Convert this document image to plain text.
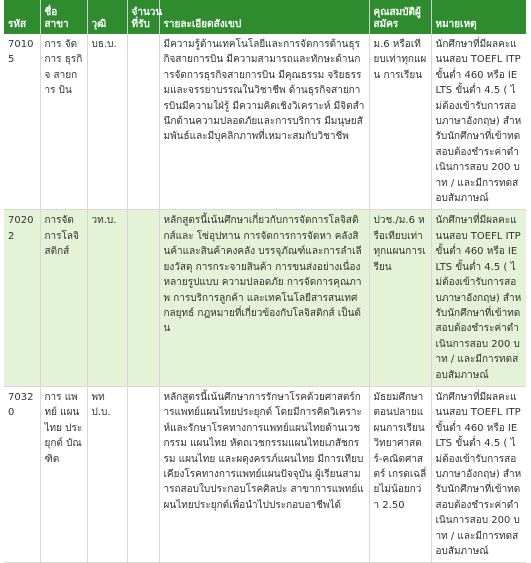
รหัส	ชื่อ สาขา	วุฒิ	จำนวน ที่รับ	รายละเอียดสังเขป	คุณสมบัติผู้ สมัคร	หมายเหตุ
70105	การ จัดการ ธุรกิจ สายการ บิน	บธ.บ.		มีความรู้ด้านเทคโนโลยีและการจัดการด้านธุรกิจสายการบิน มีความสามารถและทักษะด้านการจัดการธุรกิจสายการบิน มีคุณธรรม จริยธรรมและจรรยาบรรณในวิชาชีพ ด้านธุรกิจสายการบินมีความใฝ่รู้ มีความคิดเชิงวิเคราะห์ มีจิตสำนึกด้านความปลอดภัยและการบริการ มีมนุษยสัมพันธ์และมีบุคลิกภาพที่เหมาะสมกับวิชาชีพ	ม.6 หรือเทียบเท่าทุกแผน การเรียน	นักศึกษาที่มีผลคะแนนสอบ TOEFL ITP ขั้นต่ำ 460 หรือ IELTS ขั้นต่ำ 4.5 ( ไม่ต้องเข้ารับการสอบภาษาอังกฤษ) สำหรับนักศึกษาที่เข้าทดสอบต้องชำระค่าดำเนินการสอบ 200 บาท / และมีการทดสอบสัมภาษณ์
70202	การจัด การโลจิ สติกส์	วท.บ.		หลักสูตรนี้เน้นศึกษาเกี่ยวกับการจัดการโลจิสติกส์และ โซ่อุปทาน การจัดการการจัดหา คลังสินค้าและสินค้าคงคลัง บรรจุภัณฑ์และการลำเลียงวัสดุ การกระจายสินค้า การขนส่งอย่างเนื่องหลายรูปแบบ ความปลอดภัย การจัดการคุณภาพ การบริการลูกค้า และเทคโนโลยีสารสนเทศ กลยุทธ์ กฎหมายที่เกี่ยวข้องกับโลจิสติกส์ เป็นต้น	ปวช./ม.6 หรือเทียบเท่าทุกแผนการเรียน	นักศึกษาที่มีผลคะแนนสอบ TOEFL ITP ขั้นต่ำ 460 หรือ IELTS ขั้นต่ำ 4.5 ( ไม่ต้องเข้ารับการสอบภาษาอังกฤษ) สำหรับนักศึกษาที่เข้าทดสอบต้องชำระค่าดำเนินการสอบ 200 บาท / และมีการทดสอบสัมภาษณ์
70320	การ แพทย์ แผน ไทย ประยุกต์ บัณฑิต	พทป.บ.		หลักสูตรนี้เน้นศึกษาการรักษาโรคด้วยศาสตร์การแพทย์แผนไทยประยุกต์ โดยมีการคิดวิเคราะห์และรักษาโรคทางการแพทย์แผนไทยด้านเวชกรรม แผนไทย หัตถเวชกรรมแผนไทยเภสัชกรรม แผนไทย และผดุงครรภ์แผนไทย มีการเทียบเคียงโรคทางการแพทย์แผนปัจจุบัน ผู้เรียนสามารถสอบใบประกอบโรคศิลปะ สาขาการแพทย์แผนไทยประยุกต์เพื่อนำไปประกอบอาชีพได้	มัธยมศึกษาตอนปลายแผนการเรียนวิทยาศาสตร์-คณิตศาสตร์ เกรดเฉลี่ยไม่น้อยกว่า 2.50	นักศึกษาที่มีผลคะแนนสอบ TOEFL ITP ขั้นต่ำ 460 หรือ IELTS ขั้นต่ำ 4.5 ( ไม่ต้องเข้ารับการสอบภาษาอังกฤษ) สำหรับนักศึกษาที่เข้าทดสอบต้องชำระค่าดำเนินการสอบ 200 บาท / และมีการทดสอบสัมภาษณ์
